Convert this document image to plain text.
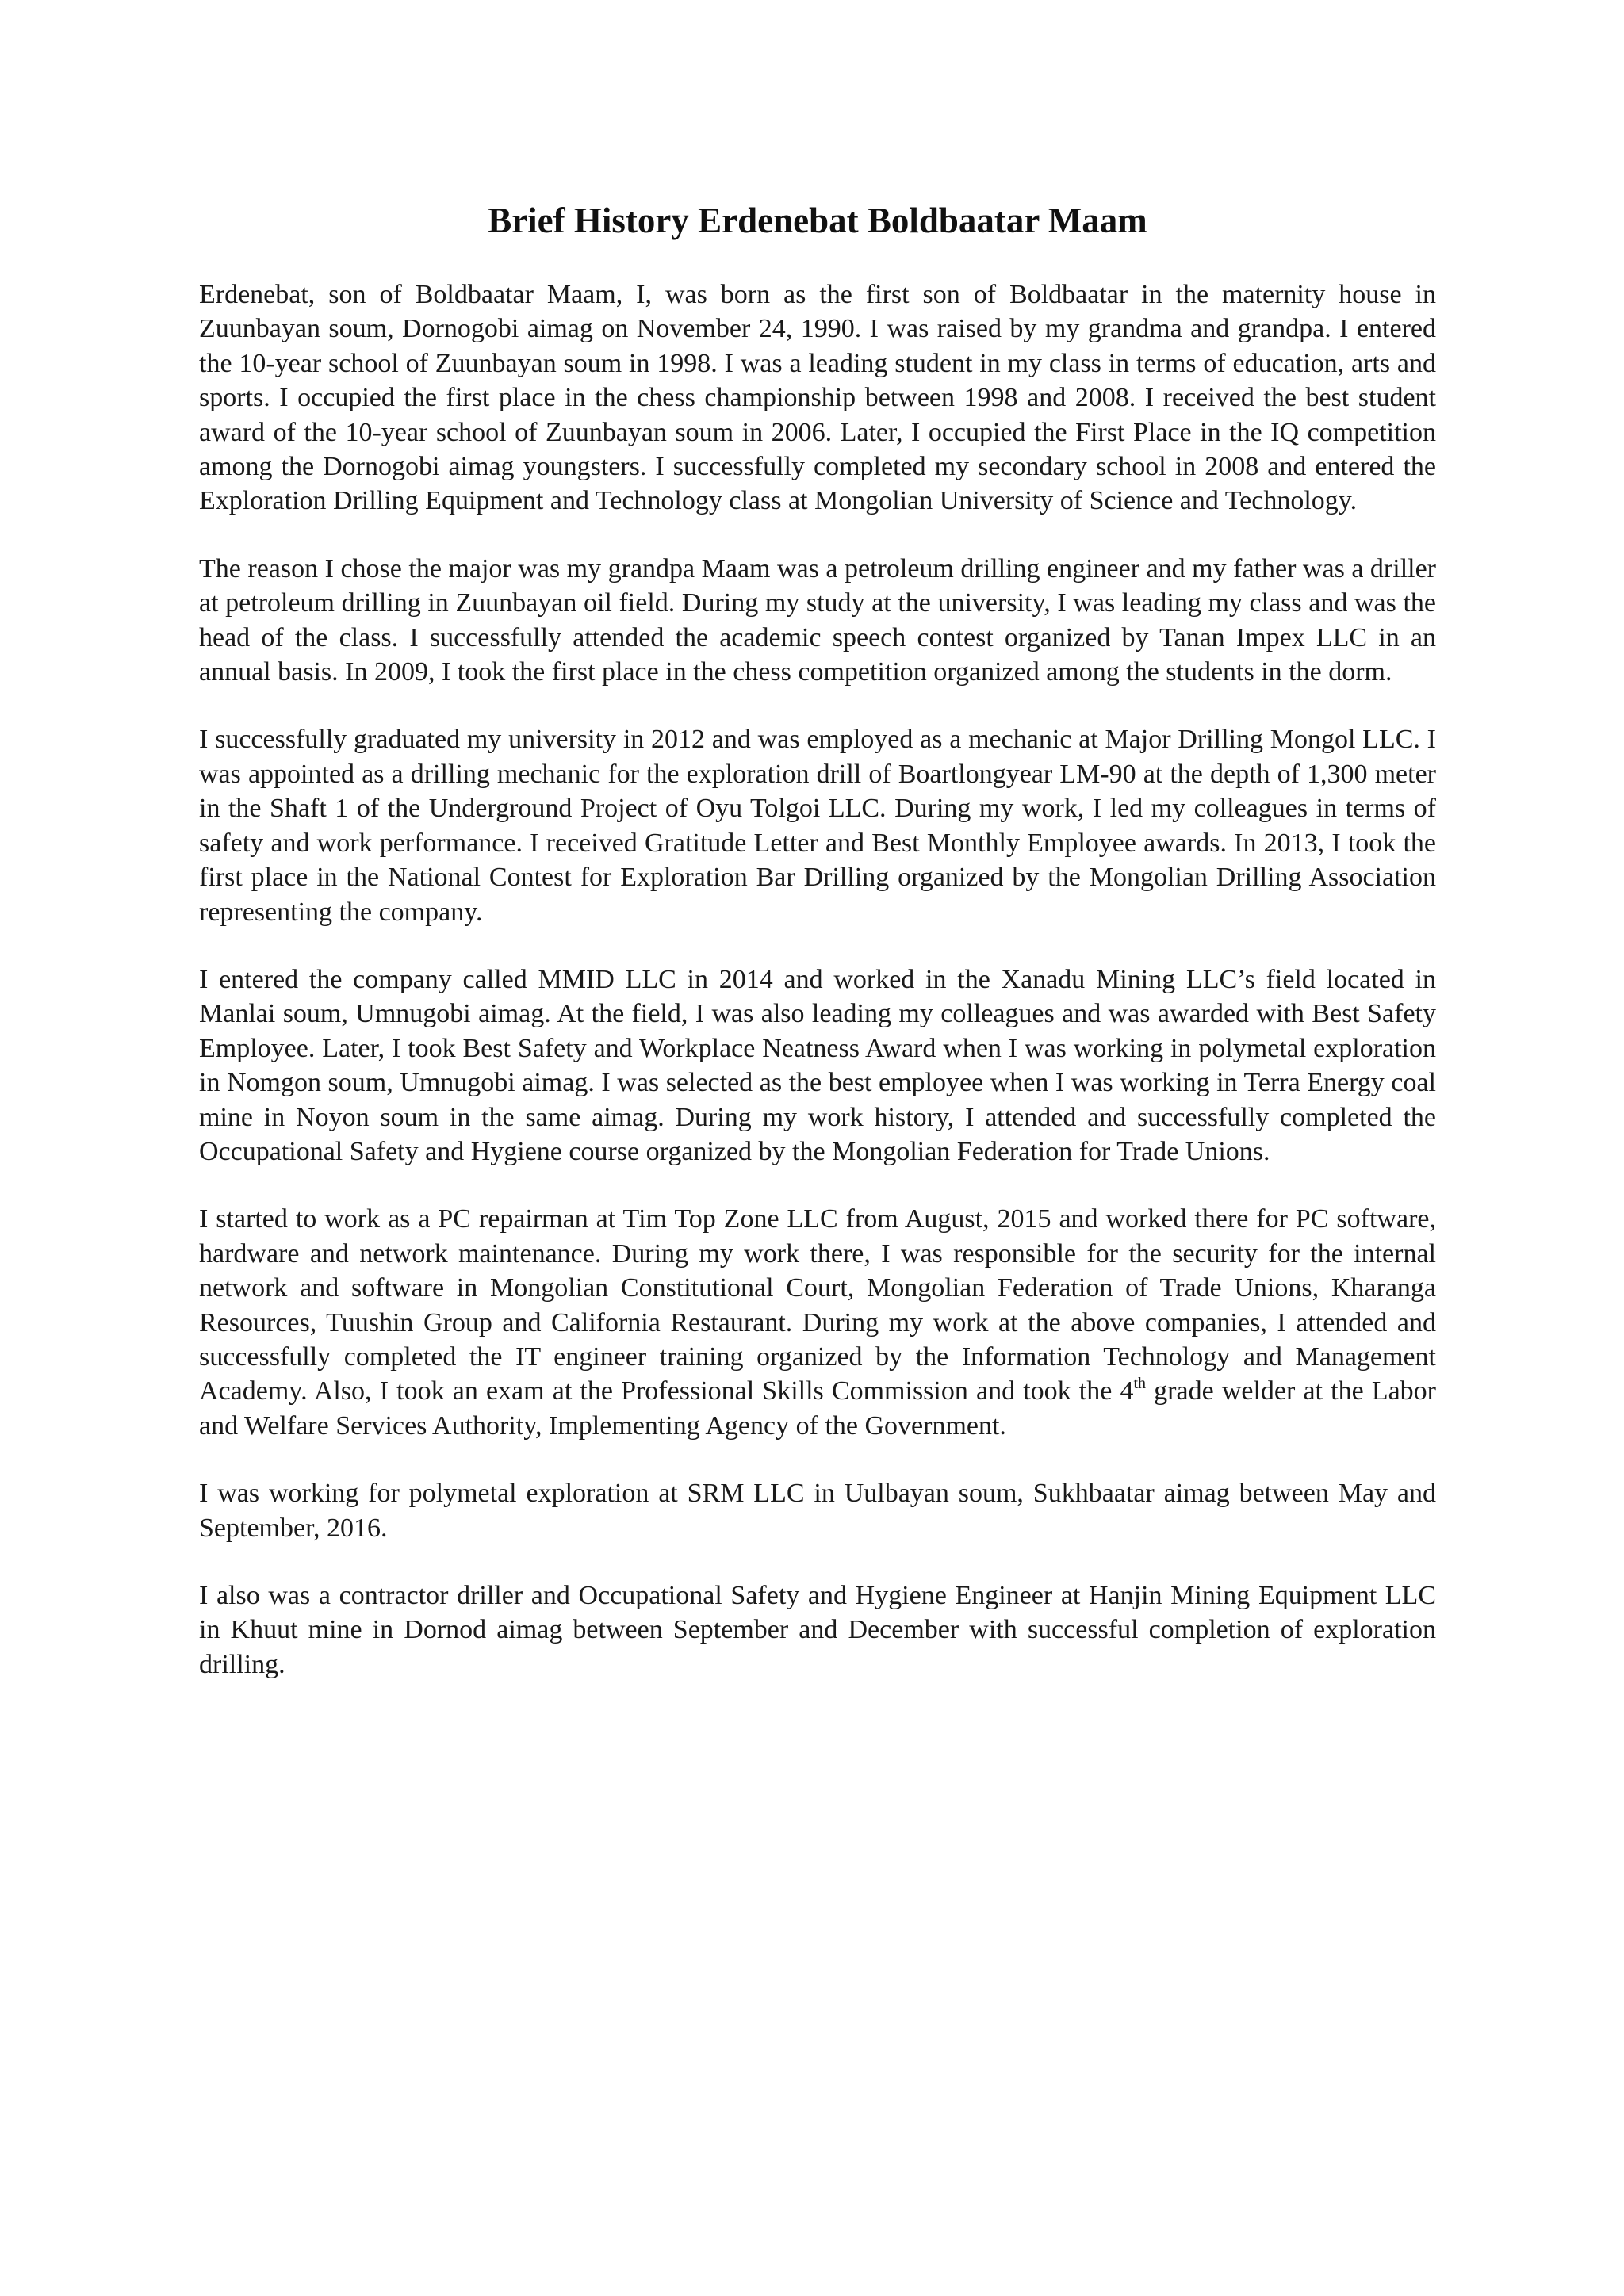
Brief History Erdenebat Boldbaatar Maam

Erdenebat, son of Boldbaatar Maam, I, was born as the first son of Boldbaatar in the maternity house in Zuunbayan soum, Dornogobi aimag on November 24, 1990. I was raised by my grandma and grandpa. I entered the 10-year school of Zuunbayan soum in 1998. I was a leading student in my class in terms of education, arts and sports. I occupied the first place in the chess championship between 1998 and 2008. I received the best student award of the 10-year school of Zuunbayan soum in 2006. Later, I occupied the First Place in the IQ competition among the Dornogobi aimag youngsters. I successfully completed my secondary school in 2008 and entered the Exploration Drilling Equipment and Technology class at Mongolian University of Science and Technology.

The reason I chose the major was my grandpa Maam was a petroleum drilling engineer and my father was a driller at petroleum drilling in Zuunbayan oil field. During my study at the university, I was leading my class and was the head of the class. I successfully attended the academic speech contest organized by Tanan Impex LLC in an annual basis. In 2009, I took the first place in the chess competition organized among the students in the dorm.

I successfully graduated my university in 2012 and was employed as a mechanic at Major Drilling Mongol LLC. I was appointed as a drilling mechanic for the exploration drill of Boartlongyear LM-90 at the depth of 1,300 meter in the Shaft 1 of the Underground Project of Oyu Tolgoi LLC. During my work, I led my colleagues in terms of safety and work performance. I received Gratitude Letter and Best Monthly Employee awards. In 2013, I took the first place in the National Contest for Exploration Bar Drilling organized by the Mongolian Drilling Association representing the company.

I entered the company called MMID LLC in 2014 and worked in the Xanadu Mining LLC’s field located in Manlai soum, Umnugobi aimag. At the field, I was also leading my colleagues and was awarded with Best Safety Employee. Later, I took Best Safety and Workplace Neatness Award when I was working in polymetal exploration in Nomgon soum, Umnugobi aimag. I was selected as the best employee when I was working in Terra Energy coal mine in Noyon soum in the same aimag. During my work history, I attended and successfully completed the Occupational Safety and Hygiene course organized by the Mongolian Federation for Trade Unions.

I started to work as a PC repairman at Tim Top Zone LLC from August, 2015 and worked there for PC software, hardware and network maintenance. During my work there, I was responsible for the security for the internal network and software in Mongolian Constitutional Court, Mongolian Federation of Trade Unions, Kharanga Resources, Tuushin Group and California Restaurant. During my work at the above companies, I attended and successfully completed the IT engineer training organized by the Information Technology and Management Academy. Also, I took an exam at the Professional Skills Commission and took the 4th grade welder at the Labor and Welfare Services Authority, Implementing Agency of the Government.

I was working for polymetal exploration at SRM LLC in Uulbayan soum, Sukhbaatar aimag between May and September, 2016.

I also was a contractor driller and Occupational Safety and Hygiene Engineer at Hanjin Mining Equipment LLC in Khuut mine in Dornod aimag between September and December with successful completion of exploration drilling.
